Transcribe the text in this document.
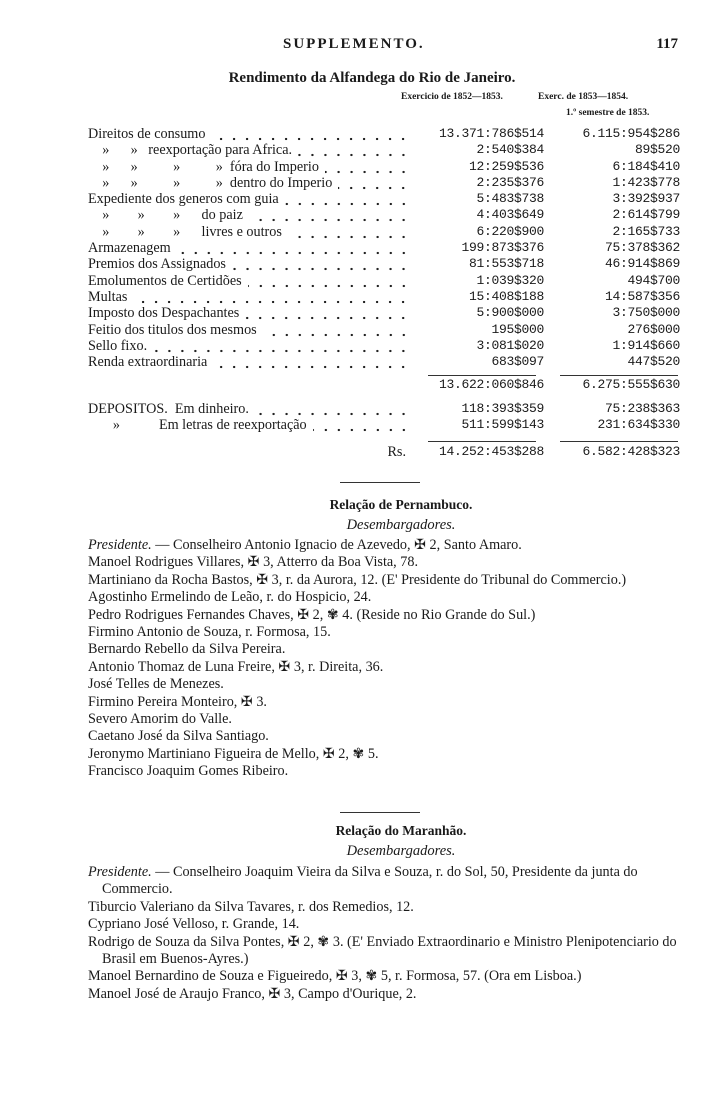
SUPPLEMENTO.	117
Rendimento da Alfandega do Rio de Janeiro.
Exercicio de 1852—1853.	Exerc. de 1853—1854.
1.º semestre de 1853.
Direitos de consumo	13.371:786$514	6.115:954$286
»      »   reexportação para Africa.	2:540$384	89$520
»      »          »          »  fóra do Imperio	12:259$536	6:184$410
»      »          »          »  dentro do Imperio	2:235$376	1:423$778
Expediente dos generos com guia	5:483$738	3:392$937
»        »        »      do paiz	4:403$649	2:614$799
»        »        »      livres e outros	6:220$900	2:165$733
Armazenagem	199:873$376	75:378$362
Premios dos Assignados	81:553$718	46:914$869
Emolumentos de Certidões	1:039$320	494$700
Multas	15:408$188	14:587$356
Imposto dos Despachantes	5:900$000	3:750$000
Feitio dos titulos dos mesmos	195$000	276$000
Sello fixo.	3:081$020	1:914$660
Renda extraordinaria	683$097	447$520
13.622:060$846	6.275:555$630
DEPOSITOS.  Em dinheiro.	118:393$359	75:238$363
»           Em letras de reexportação	511:599$143	231:634$330
Rs.	14.252:453$288	6.582:428$323
Relação de Pernambuco.
Desembargadores.
Presidente. — Conselheiro Antonio Ignacio de Azevedo, ✠ 2, Santo Amaro.
Manoel Rodrigues Villares, ✠ 3, Atterro da Boa Vista, 78.
Martiniano da Rocha Bastos, ✠ 3, r. da Aurora, 12. (E' Presidente do Tribunal do Commercio.)
Agostinho Ermelindo de Leão, r. do Hospicio, 24.
Pedro Rodrigues Fernandes Chaves, ✠ 2, ✾ 4. (Reside no Rio Grande do Sul.)
Firmino Antonio de Souza, r. Formosa, 15.
Bernardo Rebello da Silva Pereira.
Antonio Thomaz de Luna Freire, ✠ 3, r. Direita, 36.
José Telles de Menezes.
Firmino Pereira Monteiro, ✠ 3.
Severo Amorim do Valle.
Caetano José da Silva Santiago.
Jeronymo Martiniano Figueira de Mello, ✠ 2, ✾ 5.
Francisco Joaquim Gomes Ribeiro.
Relação do Maranhão.
Desembargadores.
Presidente. — Conselheiro Joaquim Vieira da Silva e Souza, r. do Sol, 50, Presidente da junta do Commercio.
Tiburcio Valeriano da Silva Tavares, r. dos Remedios, 12.
Cypriano José Velloso, r. Grande, 14.
Rodrigo de Souza da Silva Pontes, ✠ 2, ✾ 3. (E' Enviado Extraordinario e Ministro Plenipotenciario do Brasil em Buenos-Ayres.)
Manoel Bernardino de Souza e Figueiredo, ✠ 3, ✾ 5, r. Formosa, 57. (Ora em Lisboa.)
Manoel José de Araujo Franco, ✠ 3, Campo d'Ourique, 2.
